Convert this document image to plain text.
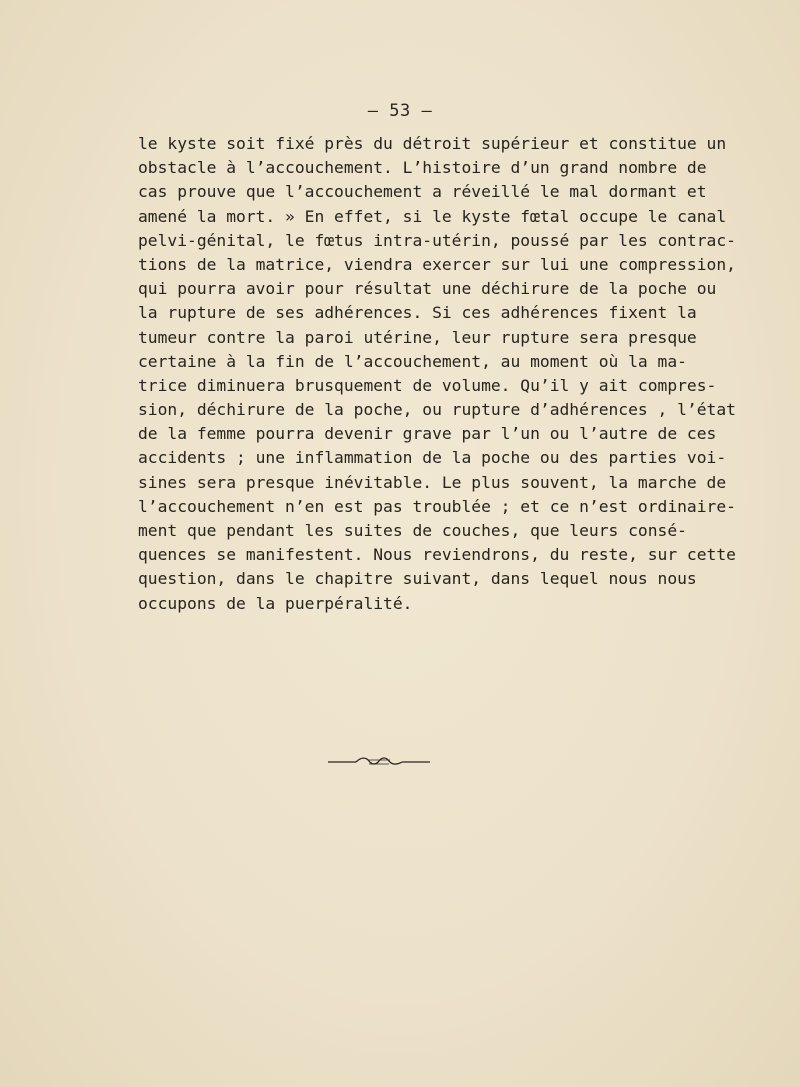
— 53 —
le kyste soit fixé près du détroit supérieur et constitue un
obstacle à l’accouchement. L’histoire d’un grand nombre de
cas prouve que l’accouchement a réveillé le mal dormant et
amené la mort. » En effet, si le kyste fœtal occupe le canal
pelvi-génital, le fœtus intra-utérin, poussé par les contrac-
tions de la matrice, viendra exercer sur lui une compression,
qui pourra avoir pour résultat une déchirure de la poche ou
la rupture de ses adhérences. Si ces adhérences fixent la
tumeur contre la paroi utérine, leur rupture sera presque
certaine à la fin de l’accouchement, au moment où la ma-
trice diminuera brusquement de volume. Qu’il y ait compres-
sion, déchirure de la poche, ou rupture d’adhérences , l’état
de la femme pourra devenir grave par l’un ou l’autre de ces
accidents ; une inflammation de la poche ou des parties voi-
sines sera presque inévitable. Le plus souvent, la marche de
l’accouchement n’en est pas troublée ; et ce n’est ordinaire-
ment que pendant les suites de couches, que leurs consé-
quences se manifestent. Nous reviendrons, du reste, sur cette
question, dans le chapitre suivant, dans lequel nous nous
occupons de la puerpéralité.
